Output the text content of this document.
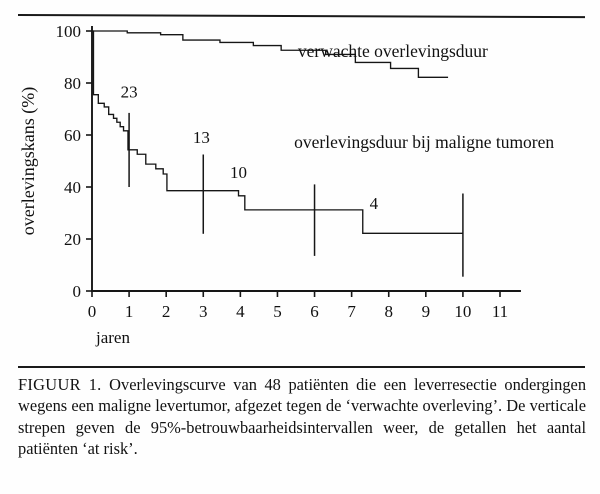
0
20
40
60
80
100
0 1 2 3 4 5 6 7 8 9 10 11
jaren
overlevingskans (%)
verwachte overlevingsduur
overlevingsduur bij maligne tumoren
23
13
10
4

FIGUUR 1. Overlevingscurve van 48 patiënten die een leverresectie ondergingen wegens een maligne levertumor, afgezet tegen de ‘verwachte overleving’. De verticale strepen geven de 95%-betrouwbaarheidsintervallen weer, de getallen het aantal patiënten ‘at risk’.
